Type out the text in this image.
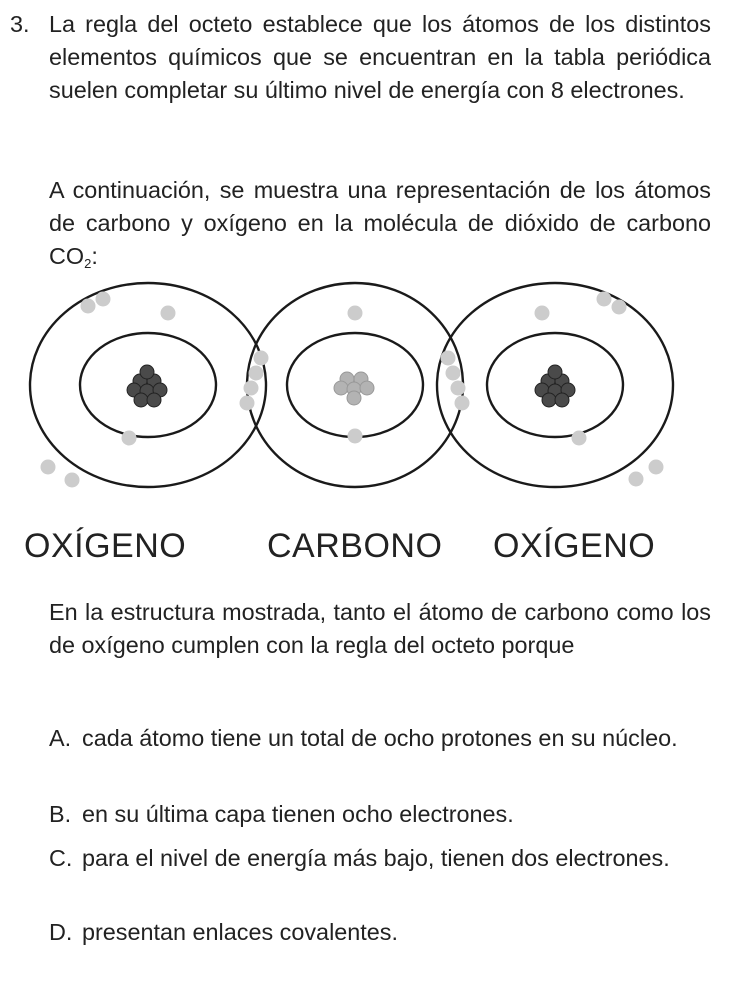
3. La regla del octeto establece que los átomos de los distintos elementos químicos que se encuentran en la tabla periódica suelen completar su último nivel de energía con 8 electrones.

A continuación, se muestra una representación de los átomos de carbono y oxígeno en la molécula de dióxido de carbono $CO_2$:

OXÍGENO CARBONO OXÍGENO

En la estructura mostrada, tanto el átomo de carbono como los de oxígeno cumplen con la regla del octeto porque

A. cada átomo tiene un total de ocho protones en su núcleo.
B. en su última capa tienen ocho electrones.
C. para el nivel de energía más bajo, tienen dos electrones.
D. presentan enlaces covalentes.
